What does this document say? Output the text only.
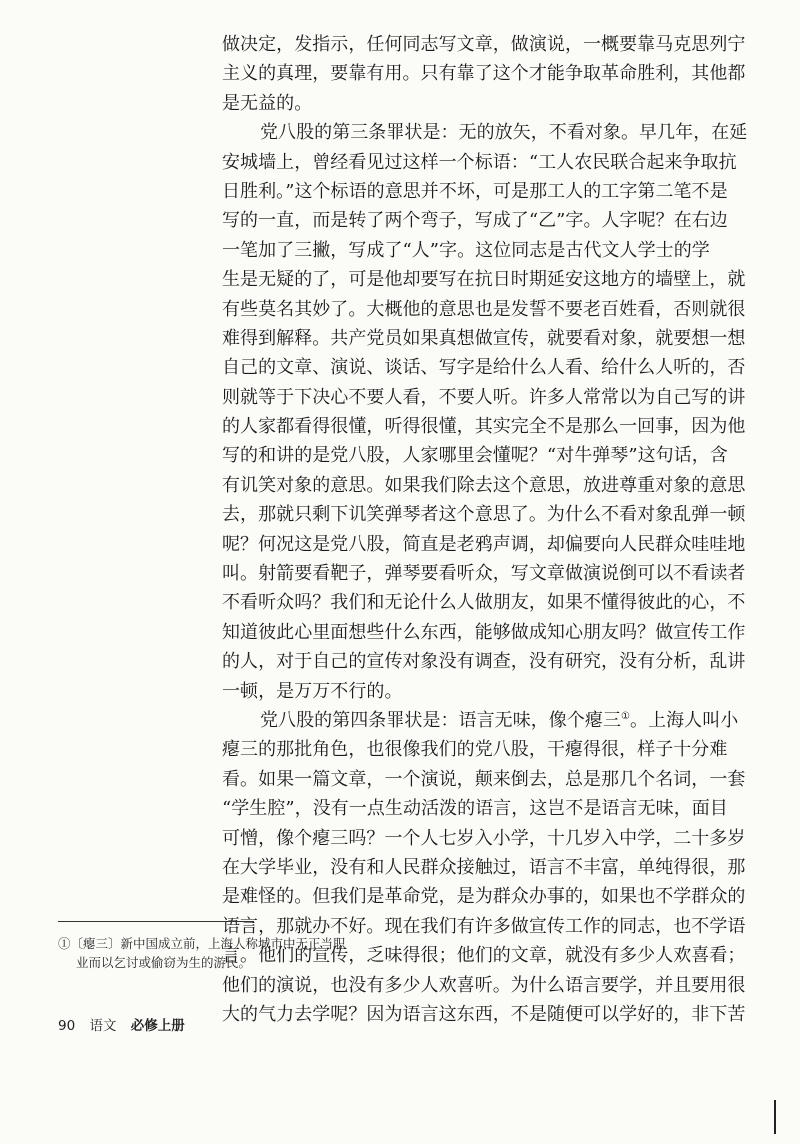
做决定，发指示，任何同志写文章，做演说，一概要靠马克思列宁
主义的真理，要靠有用。只有靠了这个才能争取革命胜利，其他都
是无益的。
党八股的第三条罪状是：无的放矢，不看对象。早几年，在延
安城墙上，曾经看见过这样一个标语：“工人农民联合起来争取抗
日胜利。”这个标语的意思并不坏，可是那工人的工字第二笔不是
写的一直，而是转了两个弯子，写成了“乙”字。人字呢？在右边
一笔加了三撇，写成了“人”字。这位同志是古代文人学士的学
生是无疑的了，可是他却要写在抗日时期延安这地方的墙壁上，就
有些莫名其妙了。大概他的意思也是发誓不要老百姓看，否则就很
难得到解释。共产党员如果真想做宣传，就要看对象，就要想一想
自己的文章、演说、谈话、写字是给什么人看、给什么人听的，否
则就等于下决心不要人看，不要人听。许多人常常以为自己写的讲
的人家都看得很懂，听得很懂，其实完全不是那么一回事，因为他
写的和讲的是党八股，人家哪里会懂呢？“对牛弹琴”这句话，含
有讥笑对象的意思。如果我们除去这个意思，放进尊重对象的意思
去，那就只剩下讥笑弹琴者这个意思了。为什么不看对象乱弹一顿
呢？何况这是党八股，简直是老鸦声调，却偏要向人民群众哇哇地
叫。射箭要看靶子，弹琴要看听众，写文章做演说倒可以不看读者
不看听众吗？我们和无论什么人做朋友，如果不懂得彼此的心，不
知道彼此心里面想些什么东西，能够做成知心朋友吗？做宣传工作
的人，对于自己的宣传对象没有调查，没有研究，没有分析，乱讲
一顿，是万万不行的。
党八股的第四条罪状是：语言无味，像个瘪三①。上海人叫小
瘪三的那批角色，也很像我们的党八股，干瘪得很，样子十分难
看。如果一篇文章，一个演说，颠来倒去，总是那几个名词，一套
“学生腔”，没有一点生动活泼的语言，这岂不是语言无味，面目
可憎，像个瘪三吗？一个人七岁入小学，十几岁入中学，二十多岁
在大学毕业，没有和人民群众接触过，语言不丰富，单纯得很，那
是难怪的。但我们是革命党，是为群众办事的，如果也不学群众的
语言，那就办不好。现在我们有许多做宣传工作的同志，也不学语
言。他们的宣传，乏味得很；他们的文章，就没有多少人欢喜看；
他们的演说，也没有多少人欢喜听。为什么语言要学，并且要用很
大的气力去学呢？因为语言这东西，不是随便可以学好的，非下苦
①〔瘪三〕新中国成立前，上海人称城市中无正当职
业而以乞讨或偷窃为生的游民。
90 语文 必修上册
